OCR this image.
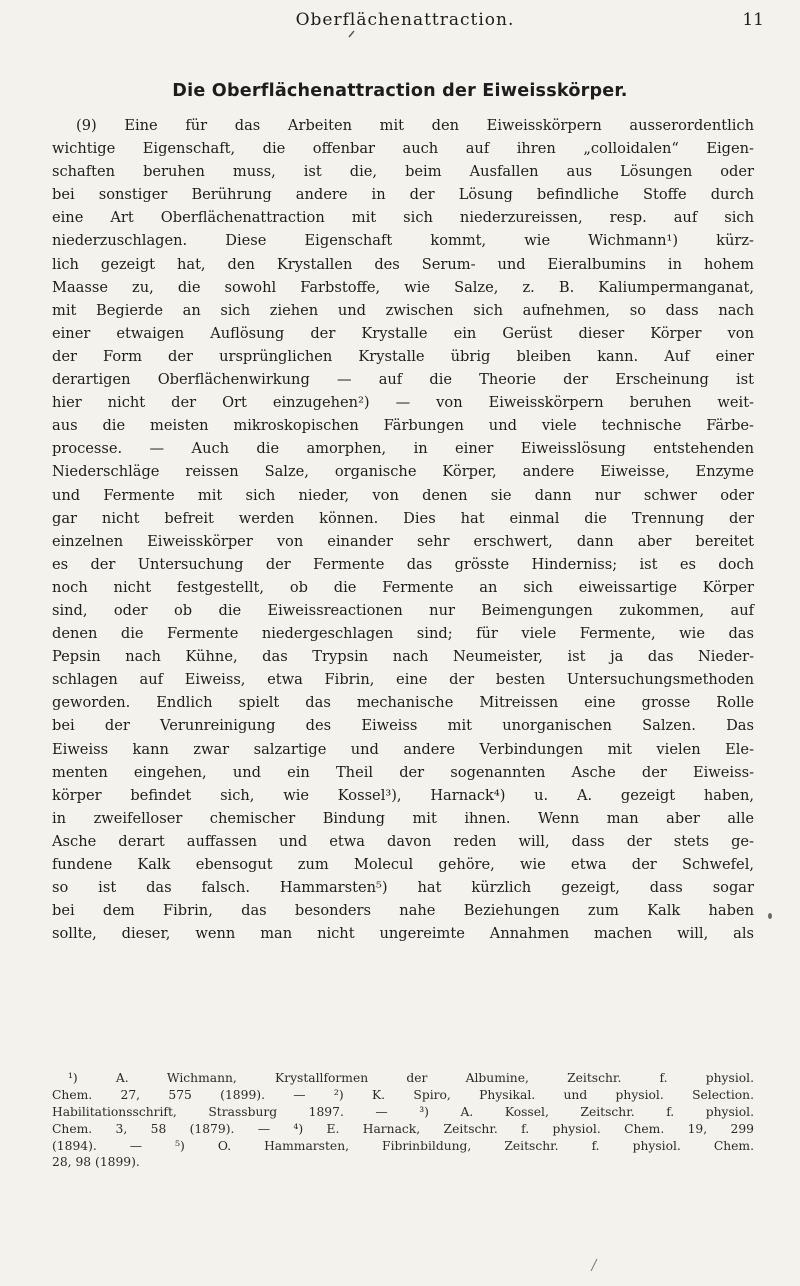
Oberflächenattraction.	11
Die Oberflächenattraction der Eiweisskörper.
(9) Eine für das Arbeiten mit den Eiweisskörpern ausserordentlich
wichtige Eigenschaft, die offenbar auch auf ihren „colloidalen“ Eigen-
schaften beruhen muss, ist die, beim Ausfallen aus Lösungen oder
bei sonstiger Berührung andere in der Lösung befindliche Stoffe durch
eine Art Oberflächenattraction mit sich niederzureissen, resp. auf sich
niederzuschlagen. Diese Eigenschaft kommt, wie Wichmann¹) kürz-
lich gezeigt hat, den Krystallen des Serum- und Eieralbumins in hohem
Maasse zu, die sowohl Farbstoffe, wie Salze, z. B. Kaliumpermanganat,
mit Begierde an sich ziehen und zwischen sich aufnehmen, so dass nach
einer etwaigen Auflösung der Krystalle ein Gerüst dieser Körper von
der Form der ursprünglichen Krystalle übrig bleiben kann. Auf einer
derartigen Oberflächenwirkung — auf die Theorie der Erscheinung ist
hier nicht der Ort einzugehen²) — von Eiweisskörpern beruhen weit-
aus die meisten mikroskopischen Färbungen und viele technische Färbe-
processe. — Auch die amorphen, in einer Eiweisslösung entstehenden
Niederschläge reissen Salze, organische Körper, andere Eiweisse, Enzyme
und Fermente mit sich nieder, von denen sie dann nur schwer oder
gar nicht befreit werden können. Dies hat einmal die Trennung der
einzelnen Eiweisskörper von einander sehr erschwert, dann aber bereitet
es der Untersuchung der Fermente das grösste Hinderniss; ist es doch
noch nicht festgestellt, ob die Fermente an sich eiweissartige Körper
sind, oder ob die Eiweissreactionen nur Beimengungen zukommen, auf
denen die Fermente niedergeschlagen sind; für viele Fermente, wie das
Pepsin nach Kühne, das Trypsin nach Neumeister, ist ja das Nieder-
schlagen auf Eiweiss, etwa Fibrin, eine der besten Untersuchungsmethoden
geworden. Endlich spielt das mechanische Mitreissen eine grosse Rolle
bei der Verunreinigung des Eiweiss mit unorganischen Salzen. Das
Eiweiss kann zwar salzartige und andere Verbindungen mit vielen Ele-
menten eingehen, und ein Theil der sogenannten Asche der Eiweiss-
körper befindet sich, wie Kossel³), Harnack⁴) u. A. gezeigt haben,
in zweifelloser chemischer Bindung mit ihnen. Wenn man aber alle
Asche derart auffassen und etwa davon reden will, dass der stets ge-
fundene Kalk ebensogut zum Molecul gehöre, wie etwa der Schwefel,
so ist das falsch. Hammarsten⁵) hat kürzlich gezeigt, dass sogar
bei dem Fibrin, das besonders nahe Beziehungen zum Kalk haben
sollte, dieser, wenn man nicht ungereimte Annahmen machen will, als
¹) A. Wichmann, Krystallformen der Albumine, Zeitschr. f. physiol.
Chem. 27, 575 (1899). — ²) K. Spiro, Physikal. und physiol. Selection.
Habilitationsschrift, Strassburg 1897. — ³) A. Kossel, Zeitschr. f. physiol.
Chem. 3, 58 (1879). — ⁴) E. Harnack, Zeitschr. f. physiol. Chem. 19, 299
(1894). — ⁵) O. Hammarsten, Fibrinbildung, Zeitschr. f. physiol. Chem.
28, 98 (1899).
